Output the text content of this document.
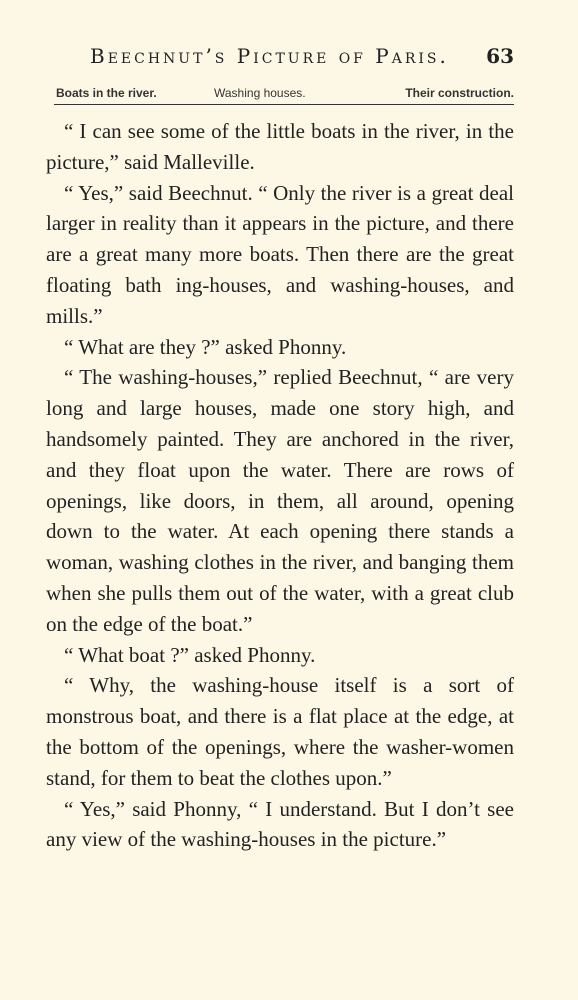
Beechnut’s Picture of Paris. 63
Boats in the river.	Washing houses.	Their construction.

“ I can see some of the little boats in the river, in the picture,” said Malleville.

“ Yes,” said Beechnut. “ Only the river is a great deal larger in reality than it appears in the picture, and there are a great many more boats. Then there are the great floating bath ing-houses, and washing-houses, and mills.”

“ What are they ?” asked Phonny.

“ The washing-houses,” replied Beechnut, “ are very long and large houses, made one story high, and handsomely painted. They are anchored in the river, and they float upon the water. There are rows of openings, like doors, in them, all around, opening down to the water. At each opening there stands a woman, washing clothes in the river, and banging them when she pulls them out of the water, with a great club on the edge of the boat.”

“ What boat ?” asked Phonny.

“ Why, the washing-house itself is a sort of monstrous boat, and there is a flat place at the edge, at the bottom of the openings, where the washer-women stand, for them to beat the clothes upon.”

“ Yes,” said Phonny, “ I understand. But I don’t see any view of the washing-houses in the picture.”
